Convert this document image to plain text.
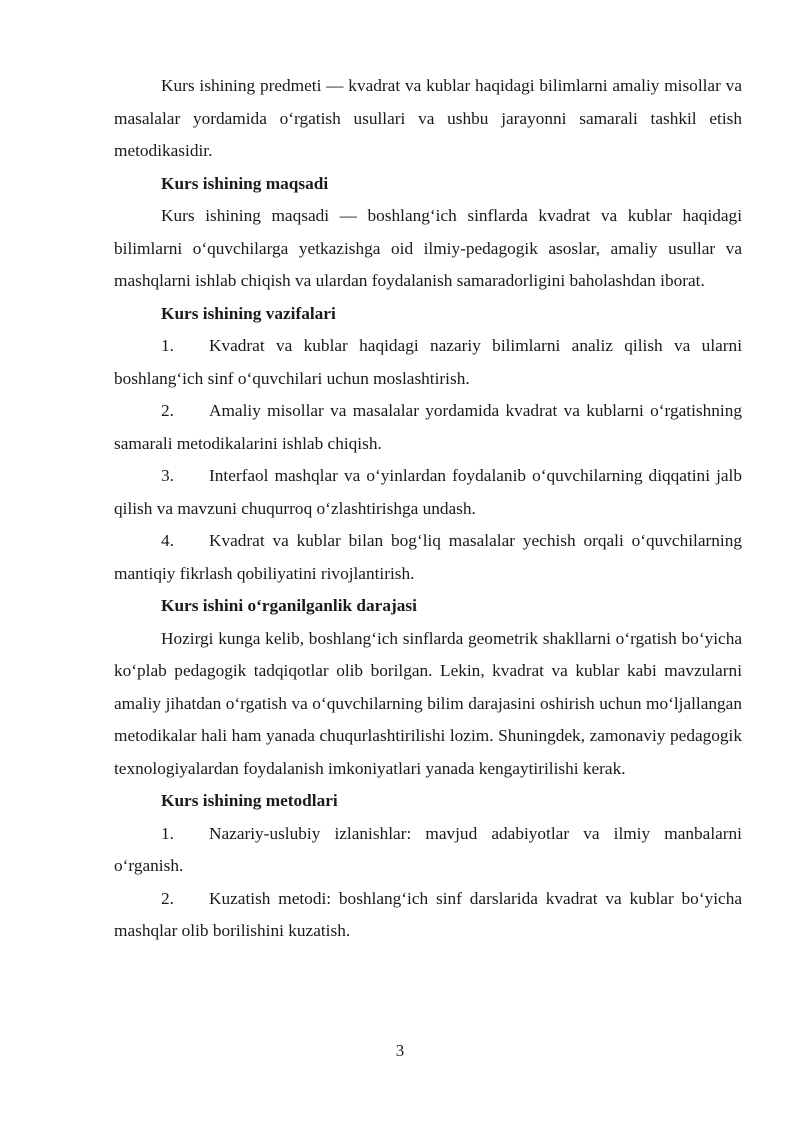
Kurs ishining predmeti — kvadrat va kublar haqidagi bilimlarni amaliy misollar va masalalar yordamida o‘rgatish usullari va ushbu jarayonni samarali tashkil etish metodikasidir.

Kurs ishining maqsadi

Kurs ishining maqsadi — boshlang‘ich sinflarda kvadrat va kublar haqidagi bilimlarni o‘quvchilarga yetkazishga oid ilmiy-pedagogik asoslar, amaliy usullar va mashqlarni ishlab chiqish va ulardan foydalanish samaradorligini baholashdan iborat.

Kurs ishining vazifalari

1. Kvadrat va kublar haqidagi nazariy bilimlarni analiz qilish va ularni boshlang‘ich sinf o‘quvchilari uchun moslashtirish.

2. Amaliy misollar va masalalar yordamida kvadrat va kublarni o‘rgatishning samarali metodikalarini ishlab chiqish.

3. Interfaol mashqlar va o‘yinlardan foydalanib o‘quvchilarning diqqatini jalb qilish va mavzuni chuqurroq o‘zlashtirishga undash.

4. Kvadrat va kublar bilan bog‘liq masalalar yechish orqali o‘quvchilarning mantiqiy fikrlash qobiliyatini rivojlantirish.

Kurs ishini o‘rganilganlik darajasi

Hozirgi kunga kelib, boshlang‘ich sinflarda geometrik shakllarni o‘rgatish bo‘yicha ko‘plab pedagogik tadqiqotlar olib borilgan. Lekin, kvadrat va kublar kabi mavzularni amaliy jihatdan o‘rgatish va o‘quvchilarning bilim darajasini oshirish uchun mo‘ljallangan metodikalar hali ham yanada chuqurlashtirilishi lozim. Shuningdek, zamonaviy pedagogik texnologiyalardan foydalanish imkoniyatlari yanada kengaytirilishi kerak.

Kurs ishining metodlari

1. Nazariy-uslubiy izlanishlar: mavjud adabiyotlar va ilmiy manbalarni o‘rganish.

2. Kuzatish metodi: boshlang‘ich sinf darslarida kvadrat va kublar bo‘yicha mashqlar olib borilishini kuzatish.

3
